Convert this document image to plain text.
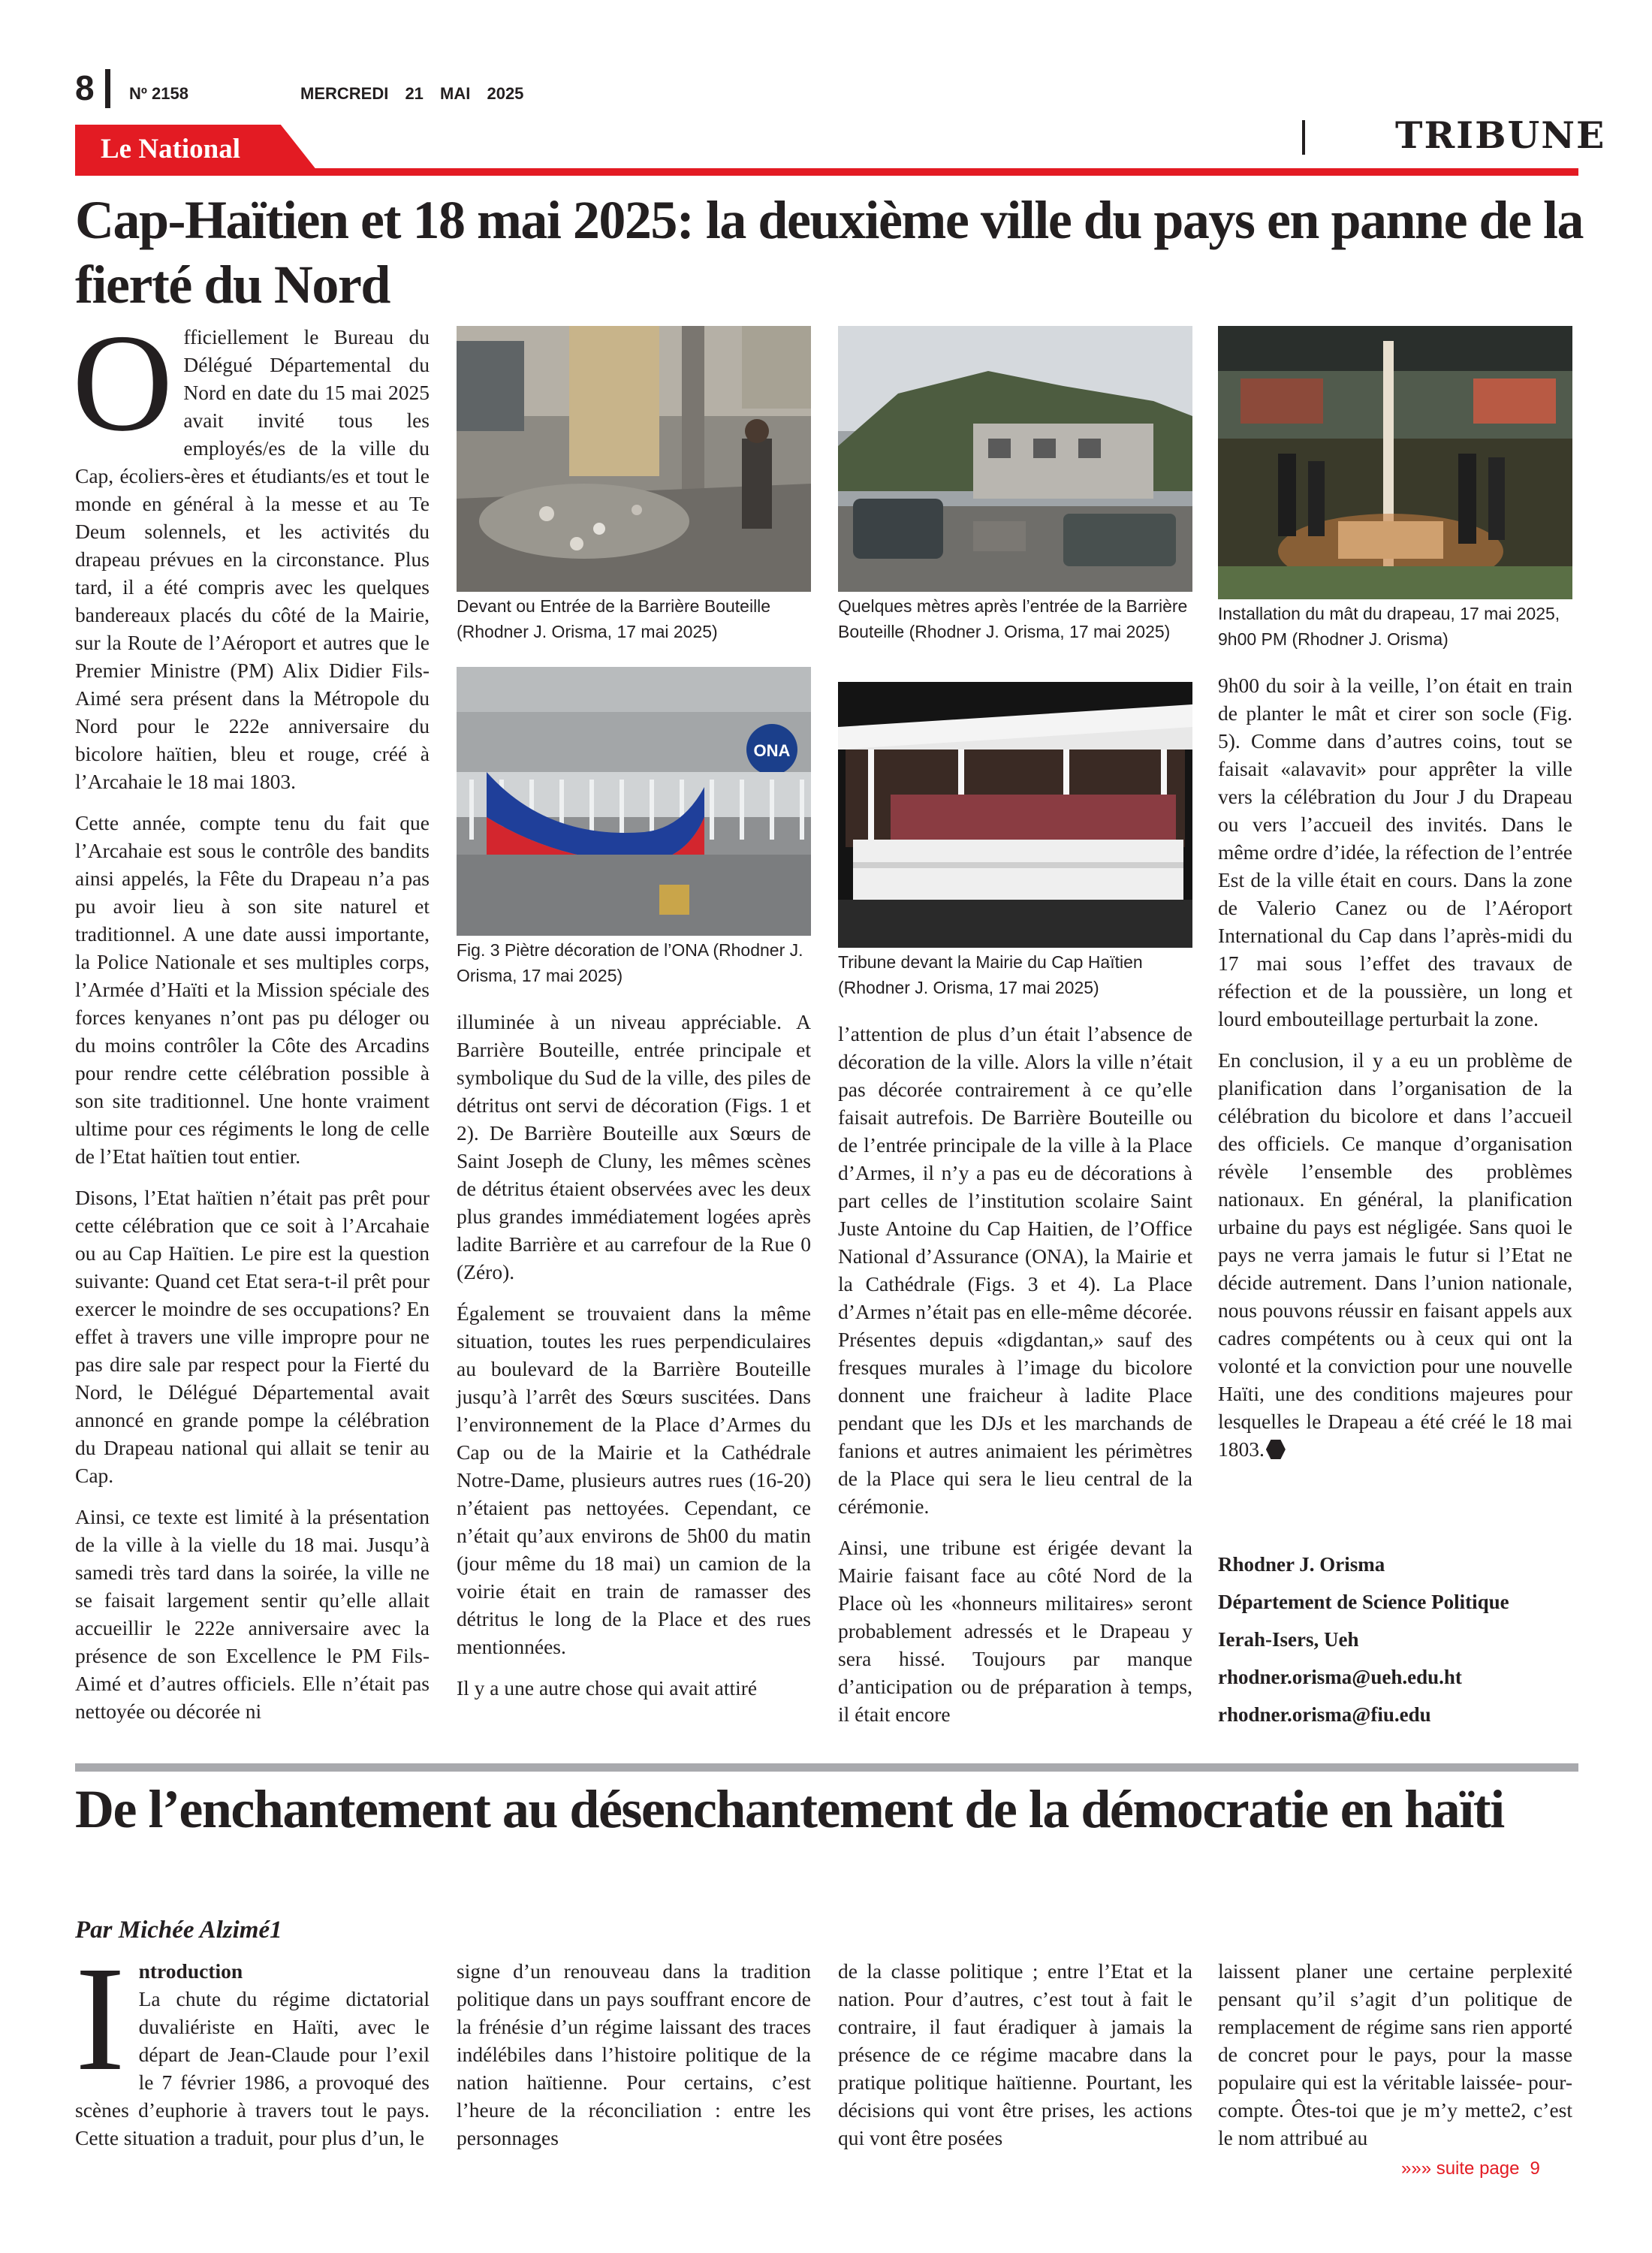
8 Nº 2158	MERCREDI 21 MAI 2025
Le National	TRIBUNE
Cap-Haïtien et 18 mai 2025: la deuxième ville du pays en panne de la fierté du Nord
O fficiellement le Bureau du Délégué Départemental du Nord en date du 15 mai 2025 avait invité tous les employés/es de la ville du Cap, écoliers-ères et étudiants/es et tout le monde en général à la messe et au Te Deum solennels, et les activités du drapeau prévues en la circonstance. Plus tard, il a été compris avec les quelques bandereaux placés du côté de la Mairie, sur la Route de l’Aéroport et autres que le Premier Ministre (PM) Alix Didier Fils-Aimé sera présent dans la Métropole du Nord pour le 222e anniversaire du bicolore haïtien, bleu et rouge, créé à l’Arcahaie le 18 mai 1803.

Cette année, compte tenu du fait que l’Arcahaie est sous le contrôle des bandits ainsi appelés, la Fête du Drapeau n’a pas pu avoir lieu à son site naturel et traditionnel. A une date aussi importante, la Police Nationale et ses multiples corps, l’Armée d’Haïti et la Mission spéciale des forces kenyanes n’ont pas pu déloger ou du moins contrôler la Côte des Arcadins pour rendre cette célébration possible à son site traditionnel. Une honte vraiment ultime pour ces régiments le long de celle de l’Etat haïtien tout entier.

Disons, l’Etat haïtien n’était pas prêt pour cette célébration que ce soit à l’Arcahaie ou au Cap Haïtien. Le pire est la question suivante: Quand cet Etat sera-t-il prêt pour exercer le moindre de ses occupations? En effet à travers une ville impropre pour ne pas dire sale par respect pour la Fierté du Nord, le Délégué Départemental avait annoncé en grande pompe la célébration du Drapeau national qui allait se tenir au Cap.

Ainsi, ce texte est limité à la présentation de la ville à la vielle du 18 mai. Jusqu’à samedi très tard dans la soirée, la ville ne se faisait largement sentir qu’elle allait accueillir le 222e anniversaire avec la présence de son Excellence le PM Fils-Aimé et d’autres officiels. Elle n’était pas nettoyée ou décorée ni

Devant ou Entrée de la Barrière Bouteille (Rhodner J. Orisma, 17 mai 2025)
Quelques mètres après l’entrée de la Barrière Bouteille (Rhodner J. Orisma, 17 mai 2025)
Installation du mât du drapeau, 17 mai 2025, 9h00 PM (Rhodner J. Orisma)
ONA
Fig. 3 Piètre décoration de l’ONA (Rhodner J. Orisma, 17 mai 2025)
Tribune devant la Mairie du Cap Haïtien (Rhodner J. Orisma, 17 mai 2025)

illuminée à un niveau appréciable. A Barrière Bouteille, entrée principale et symbolique du Sud de la ville, des piles de détritus ont servi de décoration (Figs. 1 et 2). De Barrière Bouteille aux Sœurs de Saint Joseph de Cluny, les mêmes scènes de détritus étaient observées avec les deux plus grandes immédiatement logées après ladite Barrière et au carrefour de la Rue 0 (Zéro).

Également se trouvaient dans la même situation, toutes les rues perpendiculaires au boulevard de la Barrière Bouteille jusqu’à l’arrêt des Sœurs suscitées. Dans l’environnement de la Place d’Armes du Cap ou de la Mairie et la Cathédrale Notre-Dame, plusieurs autres rues (16-20) n’étaient pas nettoyées. Cependant, ce n’était qu’aux environs de 5h00 du matin (jour même du 18 mai) un camion de la voirie était en train de ramasser des détritus le long de la Place et des rues mentionnées.

Il y a une autre chose qui avait attiré

l’attention de plus d’un était l’absence de décoration de la ville. Alors la ville n’était pas décorée contrairement à ce qu’elle faisait autrefois. De Barrière Bouteille ou de l’entrée principale de la ville à la Place d’Armes, il n’y a pas eu de décorations à part celles de l’institution scolaire Saint Juste Antoine du Cap Haitien, de l’Office National d’Assurance (ONA), la Mairie et la Cathédrale (Figs. 3 et 4). La Place d’Armes n’était pas en elle-même décorée. Présentes depuis «digdantan,» sauf des fresques murales à l’image du bicolore donnent une fraicheur à ladite Place pendant que les DJs et les marchands de fanions et autres animaient les périmètres de la Place qui sera le lieu central de la cérémonie.

Ainsi, une tribune est érigée devant la Mairie faisant face au côté Nord de la Place où les «honneurs militaires» seront probablement adressés et le Drapeau y sera hissé. Toujours par manque d’anticipation ou de préparation à temps, il était encore

9h00 du soir à la veille, l’on était en train de planter le mât et cirer son socle (Fig. 5). Comme dans d’autres coins, tout se faisait «alavavit» pour apprêter la ville vers la célébration du Jour J du Drapeau ou vers l’accueil des invités. Dans le même ordre d’idée, la réfection de l’entrée Est de la ville était en cours. Dans la zone de Valerio Canez ou de l’Aéroport International du Cap dans l’après-midi du 17 mai sous l’effet des travaux de réfection et de la poussière, un long et lourd embouteillage perturbait la zone.

En conclusion, il y a eu un problème de planification dans l’organisation de la célébration du bicolore et dans l’accueil des officiels. Ce manque d’organisation révèle l’ensemble des problèmes nationaux. En général, la planification urbaine du pays est négligée. Sans quoi le pays ne verra jamais le futur si l’Etat ne décide autrement. Dans l’union nationale, nous pouvons réussir en faisant appels aux cadres compétents ou à ceux qui ont la volonté et la conviction pour une nouvelle Haïti, une des conditions majeures pour lesquelles le Drapeau a été créé le 18 mai 1803.

Rhodner J. Orisma
Département de Science Politique
Ierah-Isers, Ueh
rhodner.orisma@ueh.edu.ht
rhodner.orisma@fiu.edu
De l’enchantement au désenchantement de la démocratie en haïti
Par Michée Alzimé1
I ntroduction
La chute du régime dictatorial duvaliériste en Haïti, avec le départ de Jean-Claude pour l’exil le 7 février 1986, a provoqué des scènes d’euphorie à travers tout le pays. Cette situation a traduit, pour plus d’un, le

signe d’un renouveau dans la tradition politique dans un pays souffrant encore de la frénésie d’un régime laissant des traces indélébiles dans l’histoire politique de la nation haïtienne. Pour certains, c’est l’heure de la réconciliation : entre les personnages

de la classe politique ; entre l’Etat et la nation. Pour d’autres, c’est tout à fait le contraire, il faut éradiquer à jamais la présence de ce régime macabre dans la pratique politique haïtienne. Pourtant, les décisions qui vont être prises, les actions qui vont être posées

laissent planer une certaine perplexité pensant qu’il s’agit d’un politique de remplacement de régime sans rien apporté de concret pour le pays, pour la masse populaire qui est la véritable laissée- pour- compte. Ôtes-toi que je m’y mette2, c’est le nom attribué au

»»» suite page 9
